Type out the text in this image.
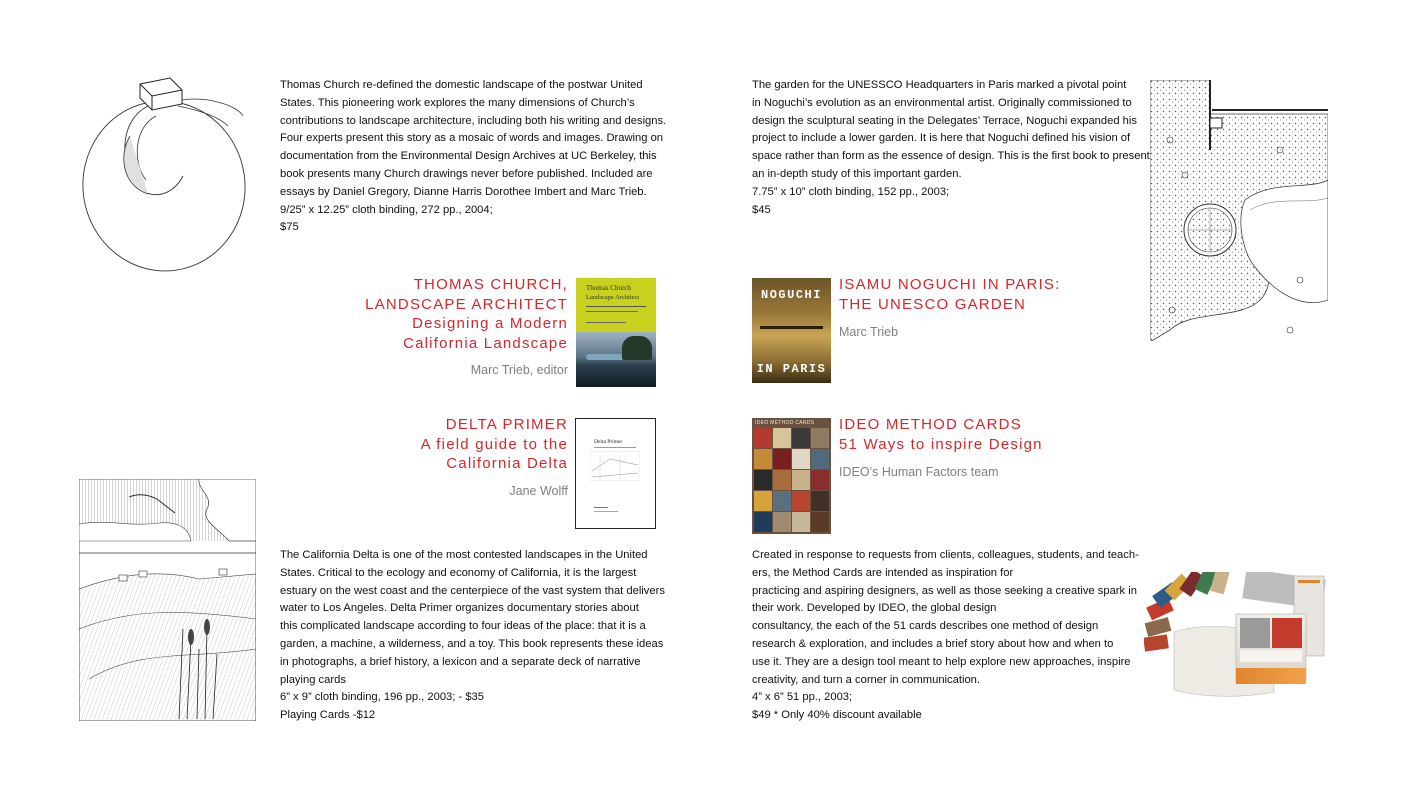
Thomas Church re-defined the domestic landscape of the postwar United
States. This pioneering work explores the many dimensions of Church’s
contributions to landscape architecture, including both his writing and designs.
Four experts present this story as a mosaic of words and images. Drawing on
documentation from the Environmental Design Archives at UC Berkeley, this
book presents many Church drawings never before published. Included are
essays by Daniel Gregory, Dianne Harris Dorothee Imbert and Marc Trieb.
9/25” x 12.25” cloth binding, 272 pp., 2004;
$75
THOMAS CHURCH,
LANDSCAPE ARCHITECT
Designing a Modern
California Landscape
Marc Trieb, editor
Thomas Church
Landscape Architect
The garden for the UNESSCO Headquarters in Paris marked a pivotal point
in Noguchi’s evolution as an environmental artist. Originally commissioned to
design the sculptural seating in the Delegates’ Terrace, Noguchi expanded his
project to include a lower garden. It is here that Noguchi defined his vision of
space rather than form as the essence of design. This is the first book to present
an in-depth study of this important garden.
7.75” x 10” cloth binding, 152 pp., 2003;
$45
NOGUCHI
IN PARIS
ISAMU NOGUCHI IN PARIS:
THE UNESCO GARDEN
Marc Trieb
DELTA PRIMER
A field guide to the
California Delta
Jane Wolff
Delta Primer
The California Delta is one of the most contested landscapes in the United
States. Critical to the ecology and economy of California, it is the largest
estuary on the west coast and the centerpiece of the vast system that delivers
water to Los Angeles. Delta Primer organizes documentary stories about
this complicated landscape according to four ideas of the place: that it is a
garden, a machine, a wilderness, and a toy. This book represents these ideas
in photographs, a brief history, a lexicon and a separate deck of narrative
playing cards
6” x 9” cloth binding, 196 pp., 2003; - $35
Playing Cards -$12
IDEO METHOD CARDS IDEO METHOD CARDS
51 Ways to inspire Design
IDEO’s Human Factors team
Created in response to requests from clients, colleagues, students, and teach-
ers, the Method Cards are intended as inspiration for
practicing and aspiring designers, as well as those seeking a creative spark in
their work. Developed by IDEO, the global design
consultancy, the each of the 51 cards describes one method of design
research & exploration, and includes a brief story about how and when to
use it. They are a design tool meant to help explore new approaches, inspire
creativity, and turn a corner in communication.
4” x 6” 51 pp., 2003;
$49 * Only 40% discount available
